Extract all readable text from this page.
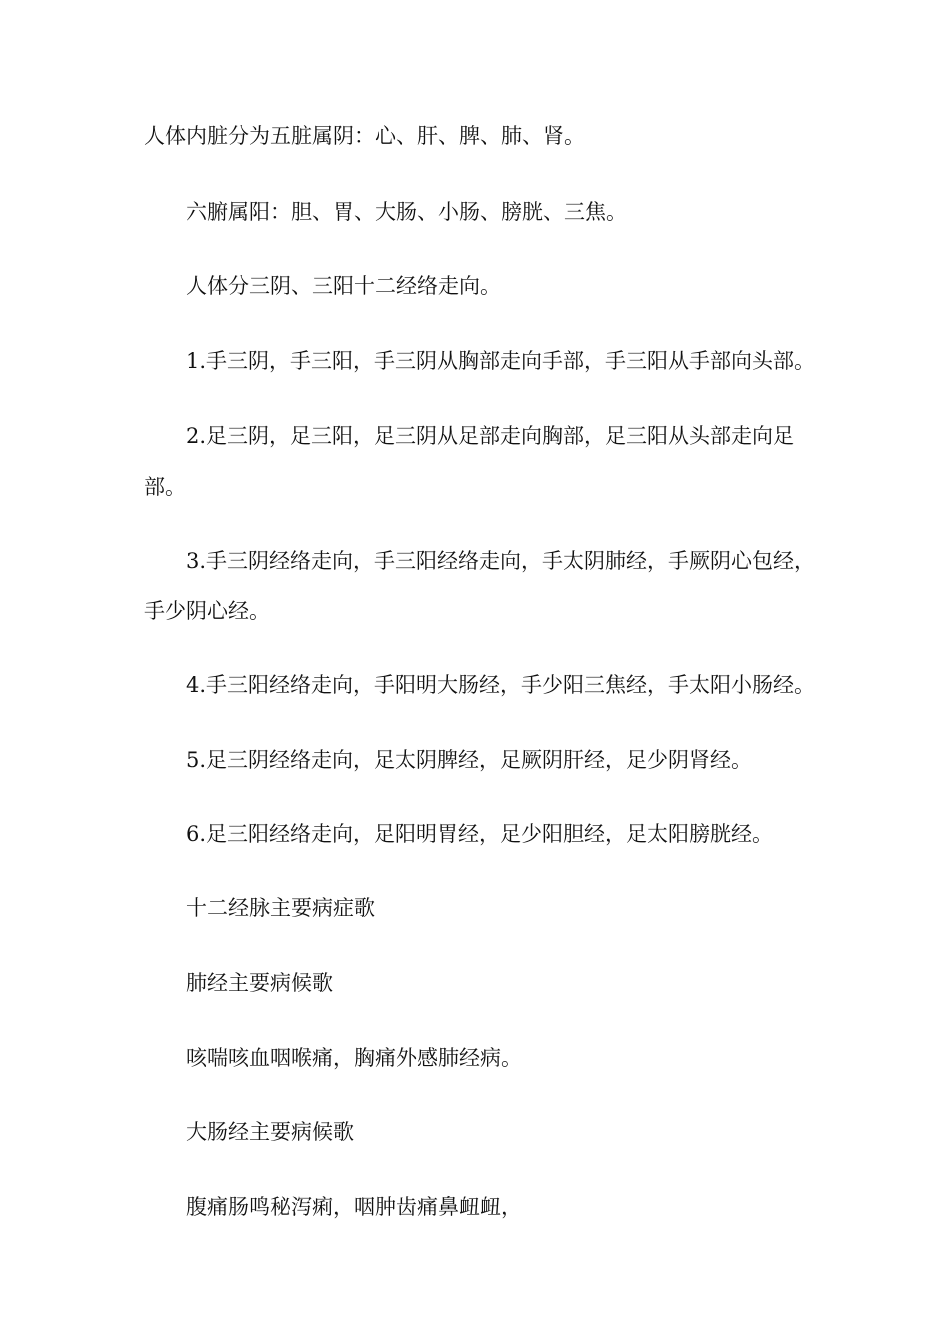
人体内脏分为五脏属阴：心、肝、脾、肺、肾。

六腑属阳：胆、胃、大肠、小肠、膀胱、三焦。

人体分三阴、三阳十二经络走向。

1.手三阴，手三阳，手三阴从胸部走向手部，手三阳从手部向头部。

2.足三阴，足三阳，足三阴从足部走向胸部，足三阳从头部走向足

部。

3.手三阴经络走向，手三阳经络走向，手太阴肺经，手厥阴心包经，

手少阴心经。

4.手三阳经络走向，手阳明大肠经，手少阳三焦经，手太阳小肠经。

5.足三阴经络走向，足太阴脾经，足厥阴肝经，足少阴肾经。

6.足三阳经络走向，足阳明胃经，足少阳胆经，足太阳膀胱经。

十二经脉主要病症歌

肺经主要病候歌

咳喘咳血咽喉痛，胸痛外感肺经病。

大肠经主要病候歌

腹痛肠鸣秘泻痢，咽肿齿痛鼻衄衄，
